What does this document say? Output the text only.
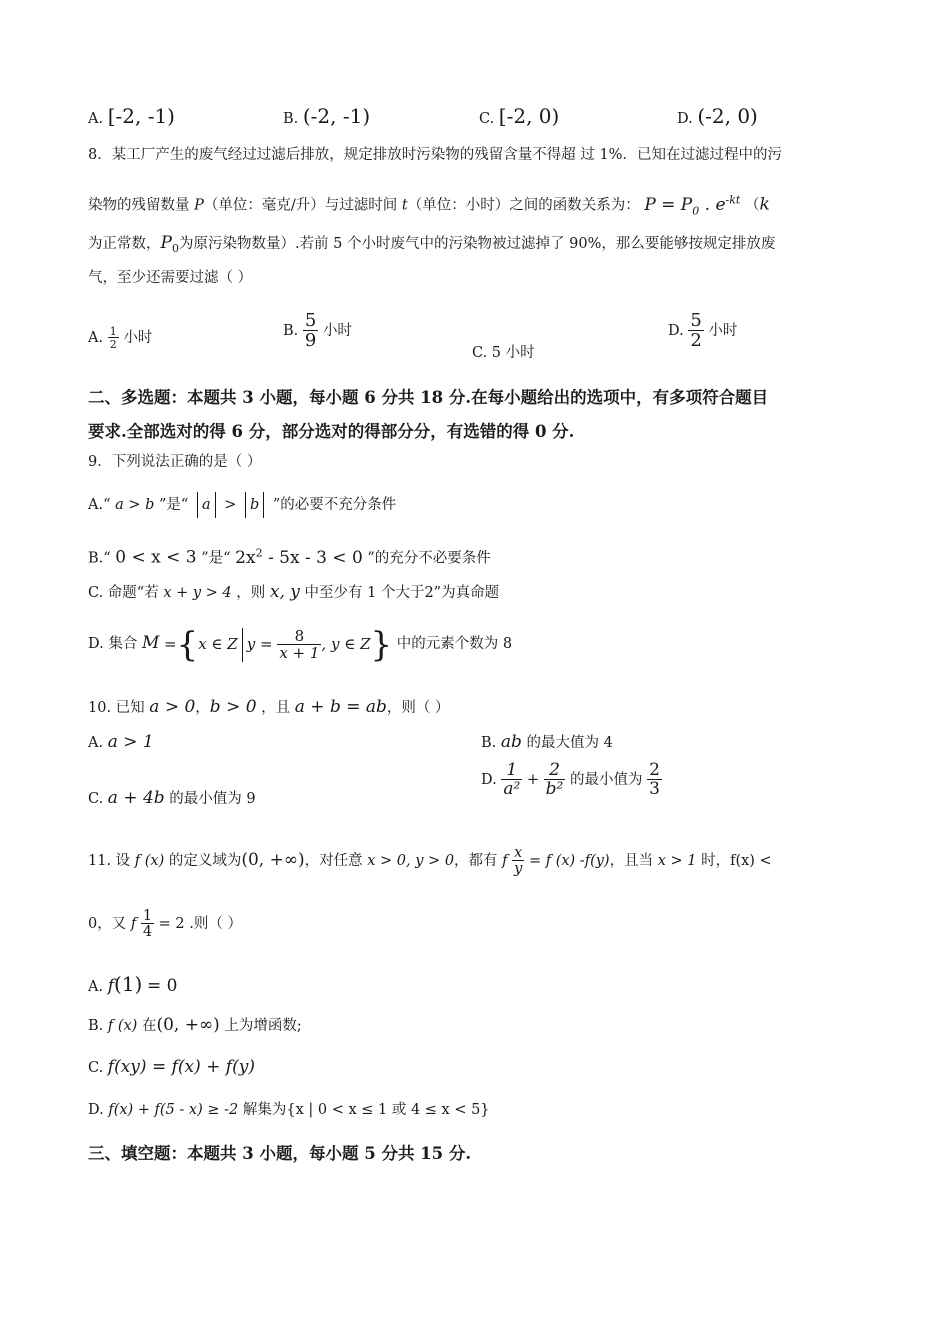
A. [-2, -1)	B. (-2, -1)	C. [-2, 0)	D. (-2, 0)
8．某工厂产生的废气经过过滤后排放，规定排放时污染物的残留含量不得超 过 1%．已知在过滤过程中的污
染物的残留数量 P（单位：毫克/升）与过滤时间 t（单位：小时）之间的函数关系为： $P = P_0$ . $e^{-kt}$ （k
为正常数，$P_0$为原污染物数量）.若前 5 个小时废气中的污染物被过滤掉了 90%，那么要能够按规定排放废
气，至少还需要过滤（ ）
A. $\frac{1}{2}$ 小时	B. $\frac{5}{9}$ 小时
C. 5 小时
D. $\frac{5}{2}$ 小时
二、多选题：本题共 3 小题，每小题 6 分共 18 分.在每小题给出的选项中，有多项符合题目
要求.全部选对的得 6 分，部分选对的得部分分，有选错的得 0 分.
9．下列说法正确的是（ ）
A.“ a > b ”是“ a > b ”的必要不充分条件
B.“ 0 < x < 3 ”是“ $2x^2 - 5x - 3 < 0$ ”的充分不必要条件
C. 命题“若 x + y > 4 ，则 x, y 中至少有 1 个大于2”为真命题
D. 集合 M ={x ∈ Z $y = \frac{8}{x + 1}$ , y ∈ Z} 中的元素个数为 8
10. 已知 a > 0，b > 0 ，且 a + b = ab，则（ ）
A. a > 1	B. ab 的最大值为 4
C. a + 4b 的最小值为 9
D. $\frac{1}{\text{a²}} + \frac{2}{\text{b²}}$ 的最小值为 $\frac{2}{3}$
11. 设 f (x) 的定义域为(0, +∞)，对任意 x > 0, y > 0，都有 f $\frac{x}{y} = f$ (x) -f(y)，且当 x > 1 时，f(x) <
0，又 f $\frac{1}{4} = 2$ .则（ ）
A. f(1) = 0
B. f (x) 在(0, +∞) 上为增函数;
C. f(xy) = f(x) + f(y)
D. f(x) + f(5 - x) ≥ -2 解集为{x | 0 < x ≤ 1 或 4 ≤ x < 5}
三、填空题：本题共 3 小题，每小题 5 分共 15 分.
